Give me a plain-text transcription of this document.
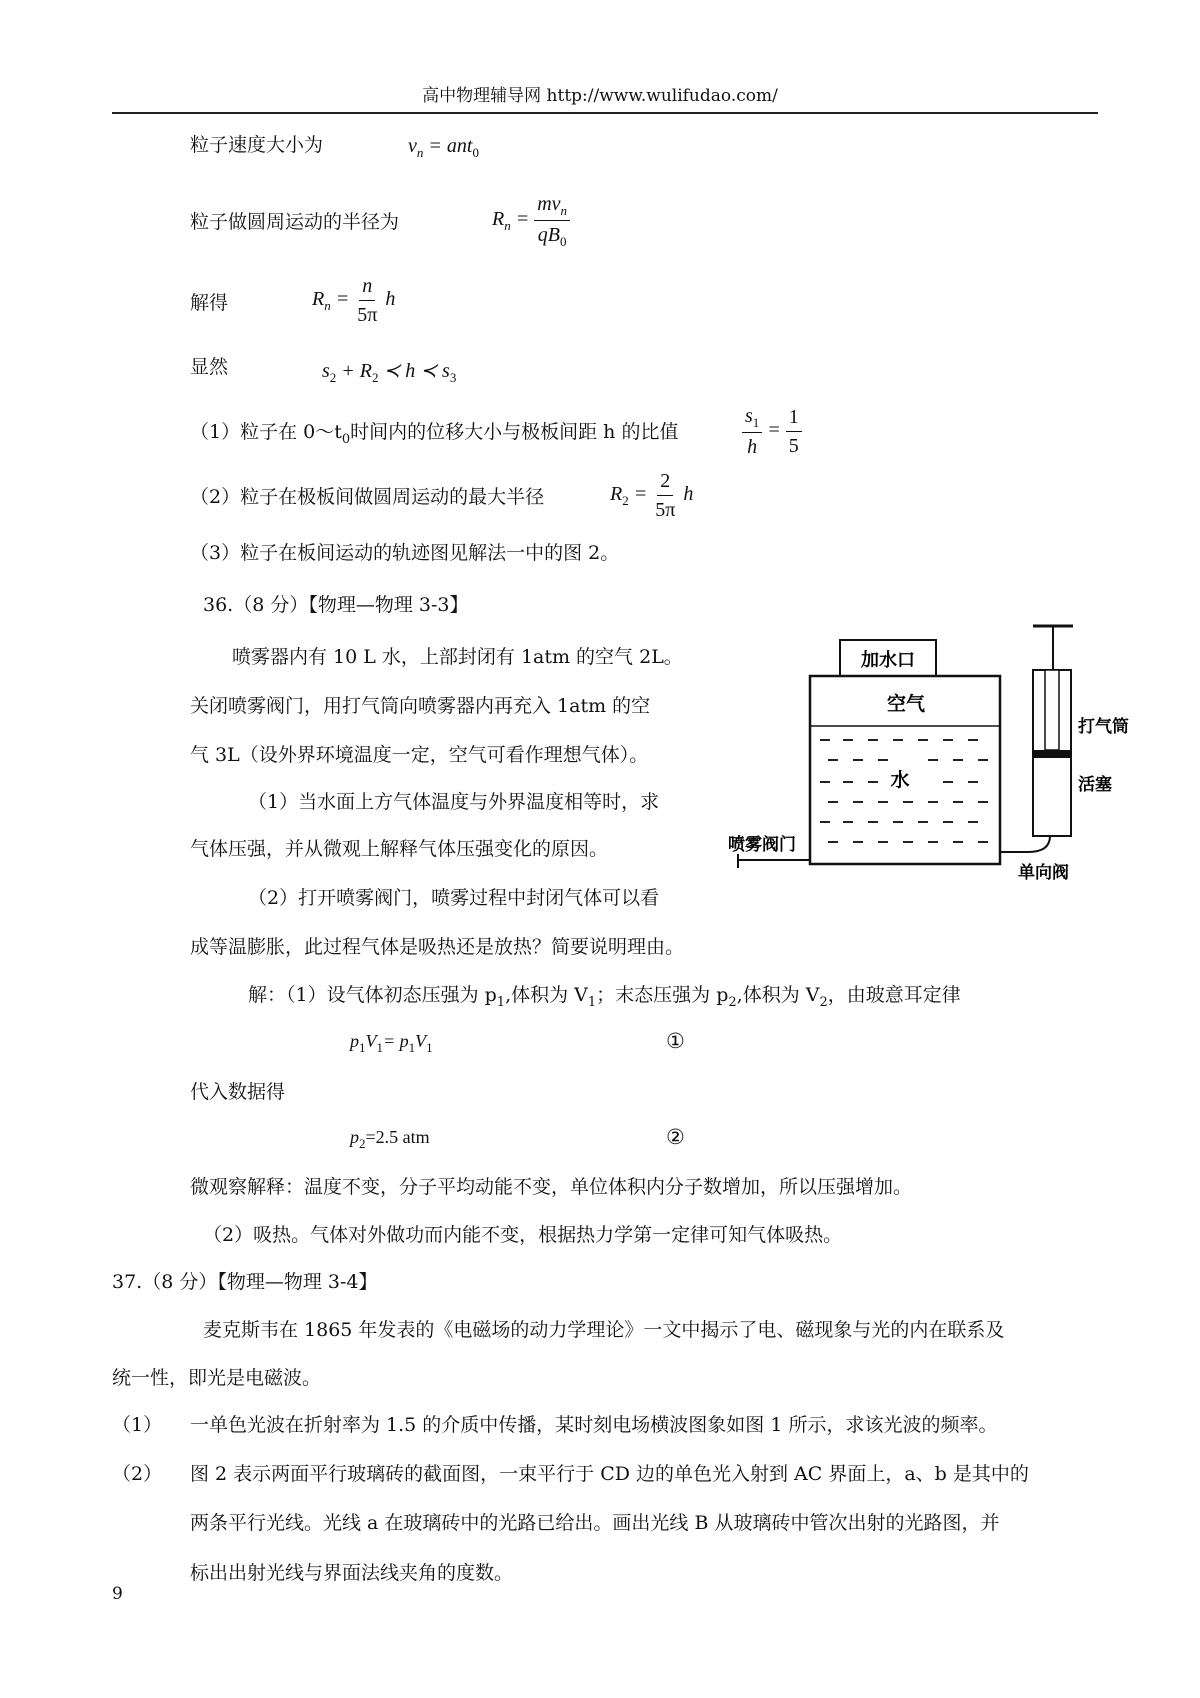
高中物理辅导网 http://www.wulifudao.com/
粒子速度大小为	$v_n = ant_0$
粒子做圆周运动的半径为	$R_n = \frac{mv_n}{qB_0}$
解得	$R_n = \frac{n}{5\pi}$ h
显然	$s_2 + R_2$ ≺ h ≺ $s_3$
（1）粒子在 $0\sim t_0$时间内的位移大小与极板间距 h 的比值	$\frac{s_1}{h} = \frac{1}{5}$
（2）粒子在极板间做圆周运动的最大半径	$R_2 = \frac{2}{5\pi}$ h
（3）粒子在板间运动的轨迹图见解法一中的图 2。
36.（8 分）【物理—物理 3-3】
喷雾器内有 10 L 水，上部封闭有 1atm 的空气 2L。
关闭喷雾阀门，用打气筒向喷雾器内再充入 1atm 的空
气 3L（设外界环境温度一定，空气可看作理想气体）。
（1）当水面上方气体温度与外界温度相等时，求
气体压强，并从微观上解释气体压强变化的原因。
（2）打开喷雾阀门，喷雾过程中封闭气体可以看
成等温膨胀，此过程气体是吸热还是放热？简要说明理由。
加水口
空气
水
喷雾阀门
打气筒
活塞
单向阀
解：（1）设气体初态压强为 $p_1$,体积为 $V_1$；末态压强为 $p_2$,体积为 $V_2$，由玻意耳定律
$p_1V_1= p_1V_1$	①
代入数据得
$p_2=2.5$ atm	②
微观察解释：温度不变，分子平均动能不变，单位体积内分子数增加，所以压强增加。
（2）吸热。气体对外做功而内能不变，根据热力学第一定律可知气体吸热。
37.（8 分）【物理—物理 3-4】
麦克斯韦在 1865 年发表的《电磁场的动力学理论》一文中揭示了电、磁现象与光的内在联系及
统一性，即光是电磁波。
（1） 一单色光波在折射率为 1.5 的介质中传播，某时刻电场横波图象如图 1 所示，求该光波的频率。
（2） 图 2 表示两面平行玻璃砖的截面图，一束平行于 CD 边的单色光入射到 AC 界面上，a、b 是其中的
两条平行光线。光线 a 在玻璃砖中的光路已给出。画出光线 B 从玻璃砖中管次出射的光路图，并
标出出射光线与界面法线夹角的度数。
9
